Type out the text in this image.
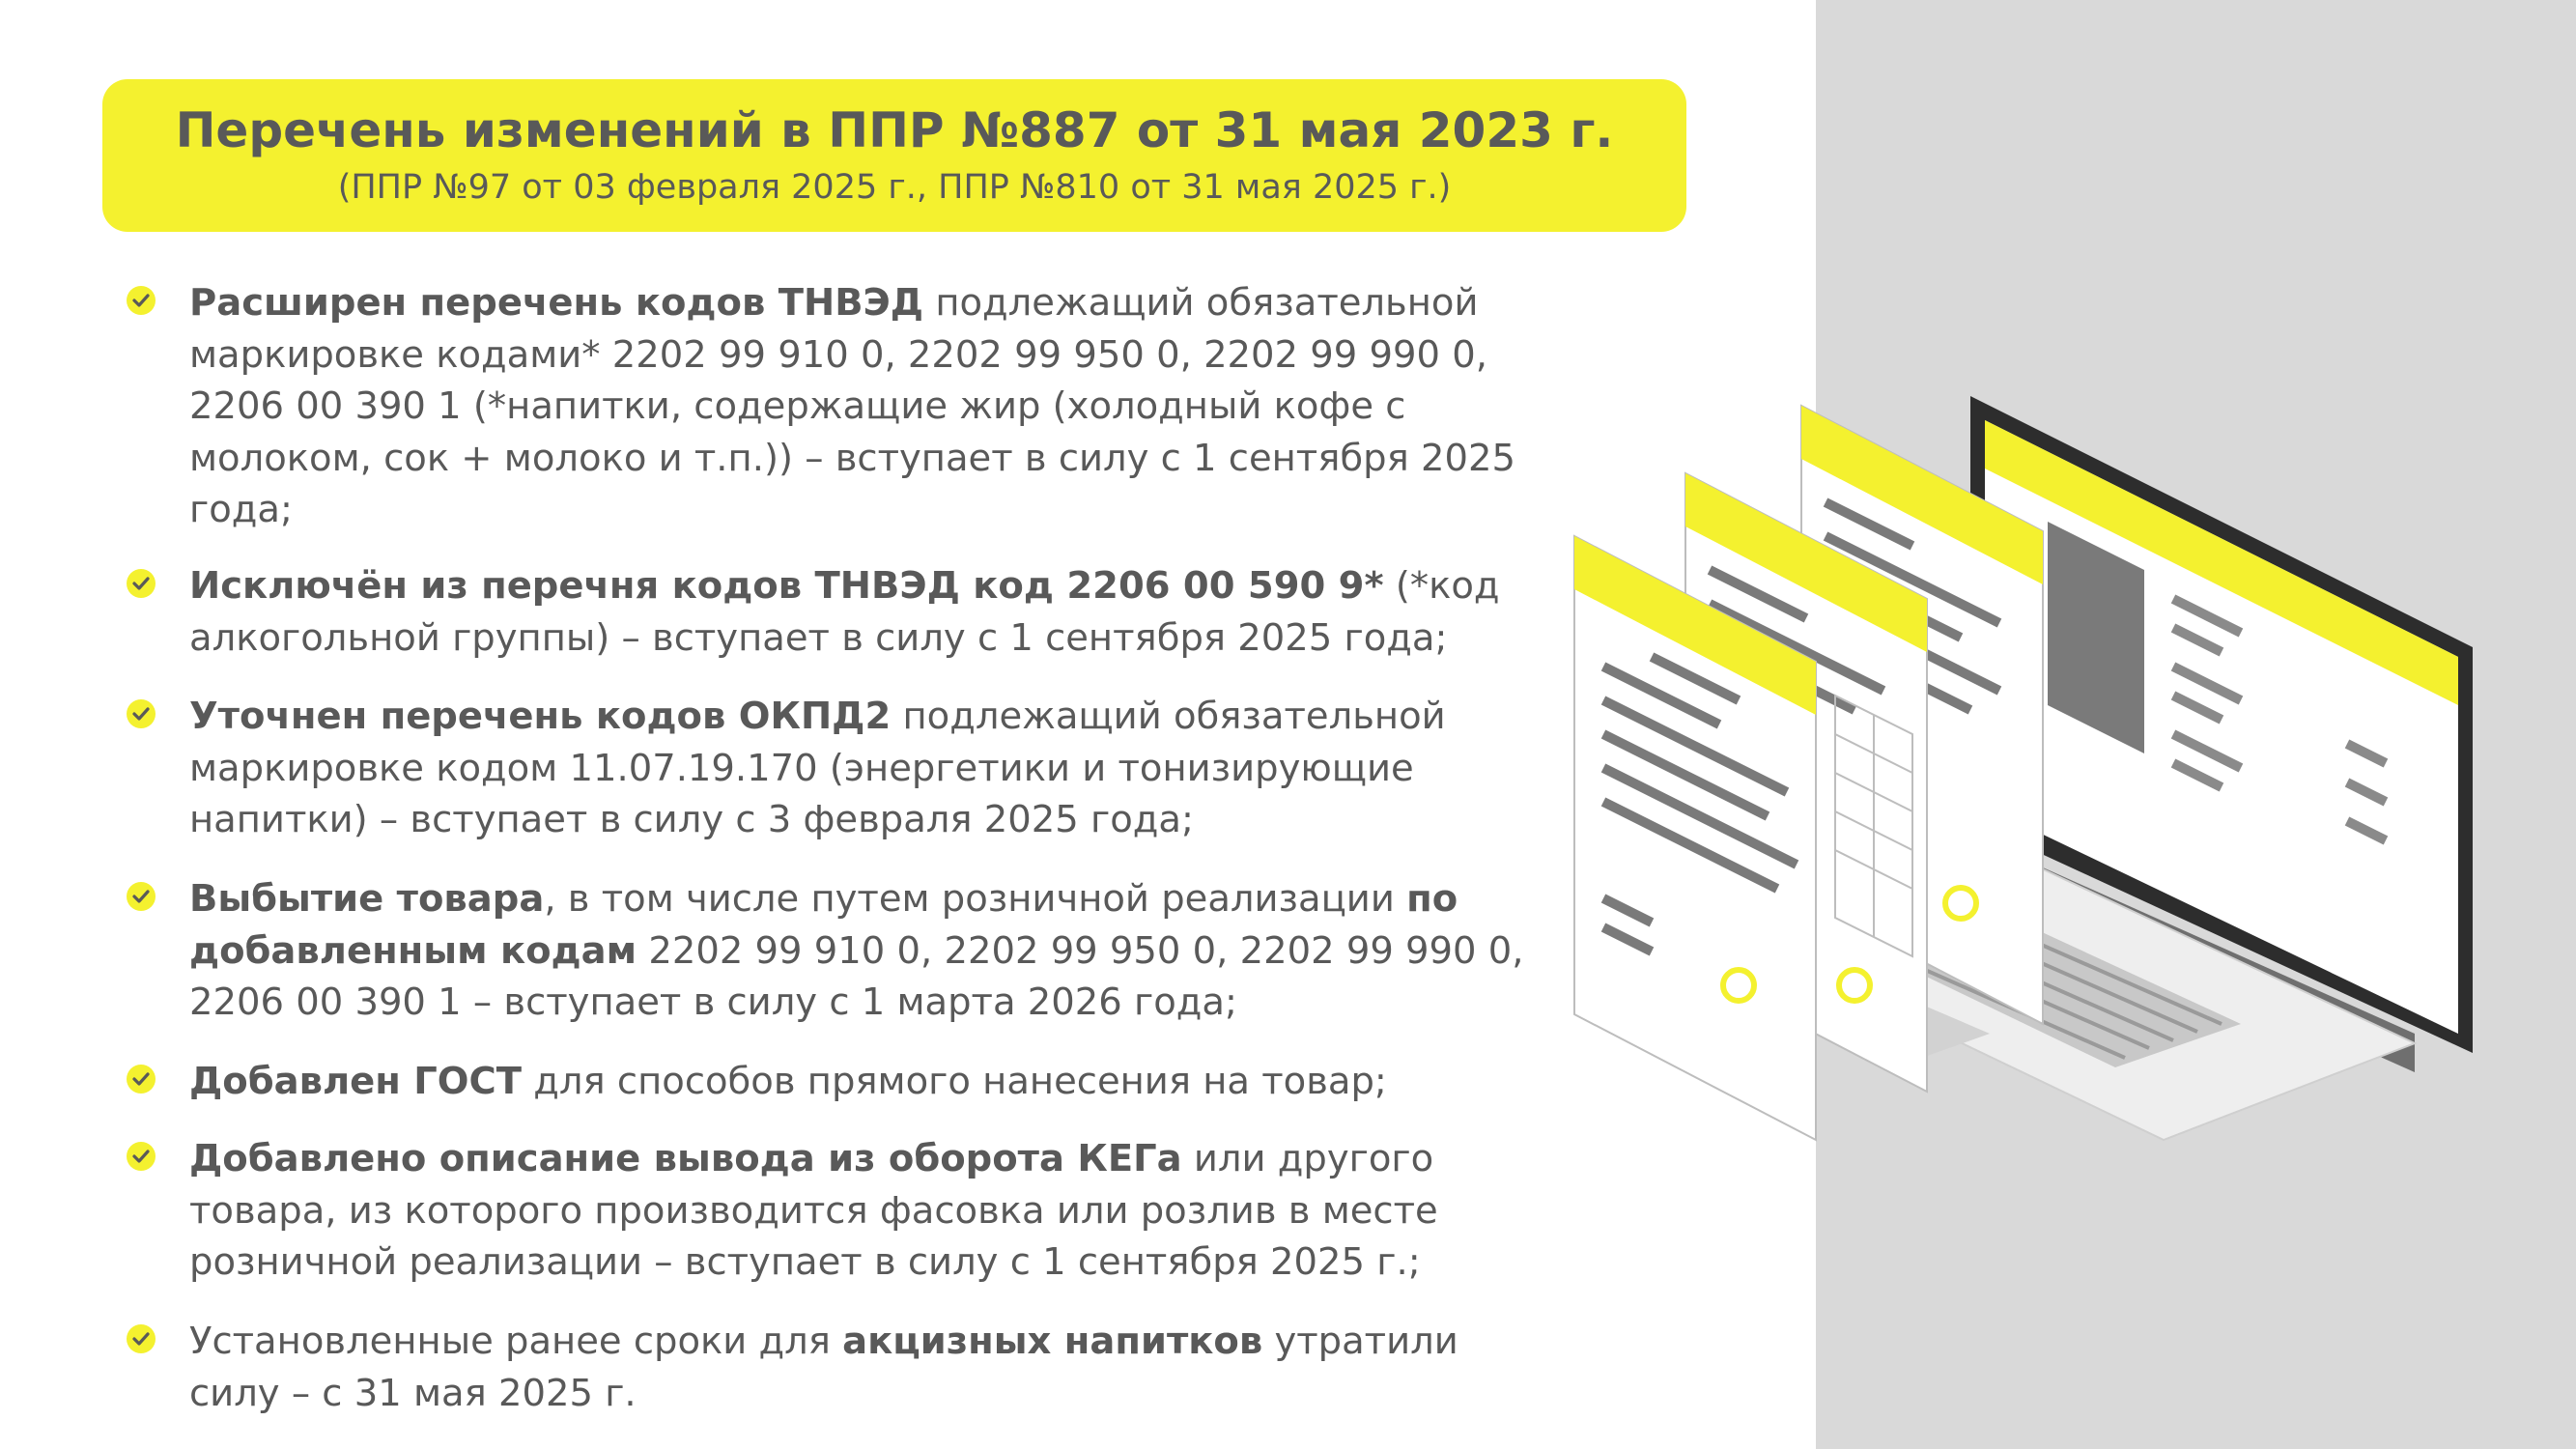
Перечень изменений в ППР №887 от 31 мая 2023 г.
(ППР №97 от 03 февраля 2025 г., ППР №810 от 31 мая 2025 г.)
Расширен перечень кодов ТНВЭД подлежащий обязательной
маркировке кодами* 2202 99 910 0, 2202 99 950 0, 2202 99 990 0,
2206 00 390 1 (*напитки, содержащие жир (холодный кофе с
молоком, сок + молоко и т.п.)) – вступает в силу с 1 сентября 2025
года;
Исключён из перечня кодов ТНВЭД код 2206 00 590 9* (*код
алкогольной группы) – вступает в силу с 1 сентября 2025 года;
Уточнен перечень кодов ОКПД2 подлежащий обязательной
маркировке кодом 11.07.19.170 (энергетики и тонизирующие
напитки) – вступает в силу с 3 февраля 2025 года;
Выбытие товара, в том числе путем розничной реализации по
добавленным кодам 2202 99 910 0, 2202 99 950 0, 2202 99 990 0,
2206 00 390 1 – вступает в силу с 1 марта 2026 года;
Добавлен ГОСТ для способов прямого нанесения на товар;
Добавлено описание вывода из оборота КЕГа или другого
товара, из которого производится фасовка или розлив в месте
розничной реализации – вступает в силу с 1 сентября 2025 г.;
Установленные ранее сроки для акцизных напитков утратили
силу – с 31 мая 2025 г.
